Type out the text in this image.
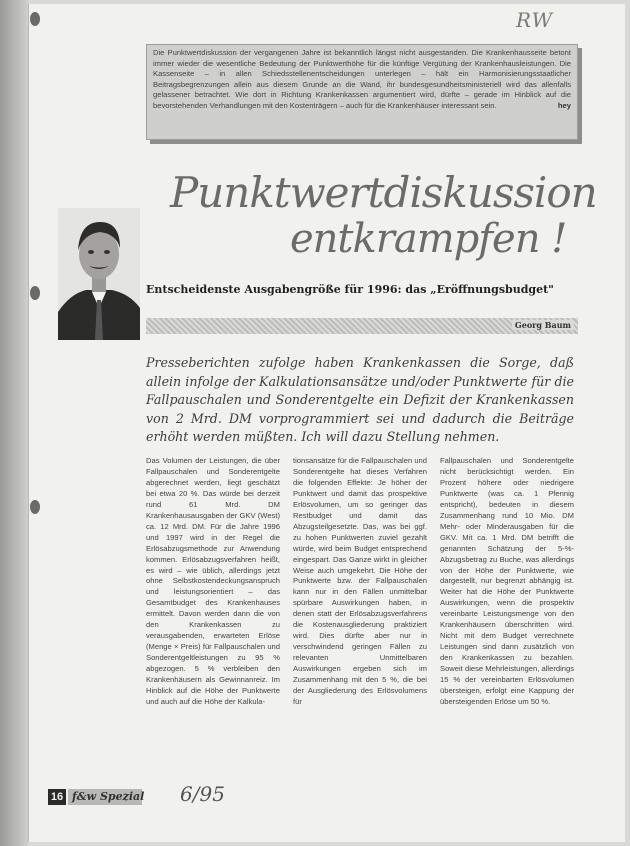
RW
Die Punktwertdiskussion der vergangenen Jahre ist bekanntlich längst nicht ausgestanden. Die Krankenhausseite betont immer wieder die wesentliche Bedeutung der Punktwerthöhe für die künftige Vergütung der Krankenhausleistungen. Die Kassenseite – in allen Schiedsstellenentscheidungen unterlegen – hält ein Harmonisierungsstaatlicher Beitragsbegrenzungen allein aus diesem Grunde an die Wand, ihr bundesgesundheitsministeriell wird das allenfalls gelassener betrachtet. Wie dort in Richtung Krankenkassen argumentiert wird, dürfte – gerade im Hinblick auf die bevorstehenden Verhandlungen mit den Kostenträgern – auch für die Krankenhäuser interessant sein.	hey
Punktwertdiskussion
entkrampfen !
Entscheidenste Ausgabengröße für 1996: das „Eröffnungsbudget"
Georg Baum
Presseberichten zufolge haben Krankenkassen die Sorge, daß allein infolge der Kalkulationsansätze und/oder Punktwerte für die Fallpauschalen und Sonderentgelte ein Defizit der Krankenkassen von 2 Mrd. DM vorprogrammiert sei und dadurch die Beiträge erhöht werden müßten. Ich will dazu Stellung nehmen.

Das Volumen der Leistungen, die über Fallpauschalen und Sonderentgelte abgerechnet werden, liegt geschätzt bei etwa 20 %. Das würde bei derzeit rund 61 Mrd. DM Krankenhausausgaben der GKV (West) ca. 12 Mrd. DM. Für die Jahre 1996 und 1997 wird in der Regel die Erlösabzugsmethode zur Anwendung kommen. Erlösabzugsverfahren heißt, es wird – wie üblich, allerdings jetzt ohne Selbstkostendeckungsanspruch und leistungsorientiert – das Gesamtbudget des Krankenhauses ermittelt. Davon werden dann die von den Krankenkassen zu verausgabenden, erwarteten Erlöse (Menge × Preis) für Fallpauschalen und Sonderentgeltleistungen zu 95 % abgezogen. 5 % verbleiben den Krankenhäusern als Gewinnanreiz. Im Hinblick auf die Höhe der Punktwerte und auch auf die Höhe der Kalkula-

tionsansätze für die Fallpauschalen und Sonderentgelte hat dieses Verfahren die folgenden Effekte: Je höher der Punktwert und damit das prospektive Erlösvolumen, um so geringer das Restbudget und damit das Abzugsteilgesetzte. Das, was bei ggf. zu hohen Punktwerten zuviel gezahlt würde, wird beim Budget entsprechend eingespart. Das Ganze wirkt in gleicher Weise auch umgekehrt. Die Höhe der Punktwerte bzw. der Fallpauschalen kann nur in den Fällen unmittelbar spürbare Auswirkungen haben, in denen statt der Erlösabzugsverfahrens die Kostenausgliederung praktiziert wird. Dies dürfte aber nur in verschwindend geringen Fällen zu relevanten Unmittelbaren Auswirkungen ergeben sich im Zusammenhang mit den 5 %, die bei der Ausgliederung des Erlösvolumens für

Fallpauschalen und Sonderentgelte nicht berücksichtigt werden. Ein Prozent höhere oder niedrigere Punktwerte (was ca. 1 Pfennig entspricht), bedeuten in diesem Zusammenhang rund 10 Mio. DM Mehr- oder Minderausgaben für die GKV. Mit ca. 1 Mrd. DM betrifft die genannten Schätzung der 5-%-Abzugsbetrag zu Buche, was allerdings von der Höhe der Punktwerte, wie dargestellt, nur begrenzt abhängig ist. Weiter hat die Höhe der Punktwerte Auswirkungen, wenn die prospektiv vereinbarte Leistungsmenge von den Krankenhäusern überschritten wird. Nicht mit dem Budget verrechnete Leistungen sind dann zusätzlich von den Krankenkassen zu bezahlen. Soweit diese Mehrleistungen, allerdings 15 % der vereinbarten Erlösvolumen übersteigen, erfolgt eine Kappung der übersteigenden Erlöse um 50 %.

16 f&w Spezial 6/95
